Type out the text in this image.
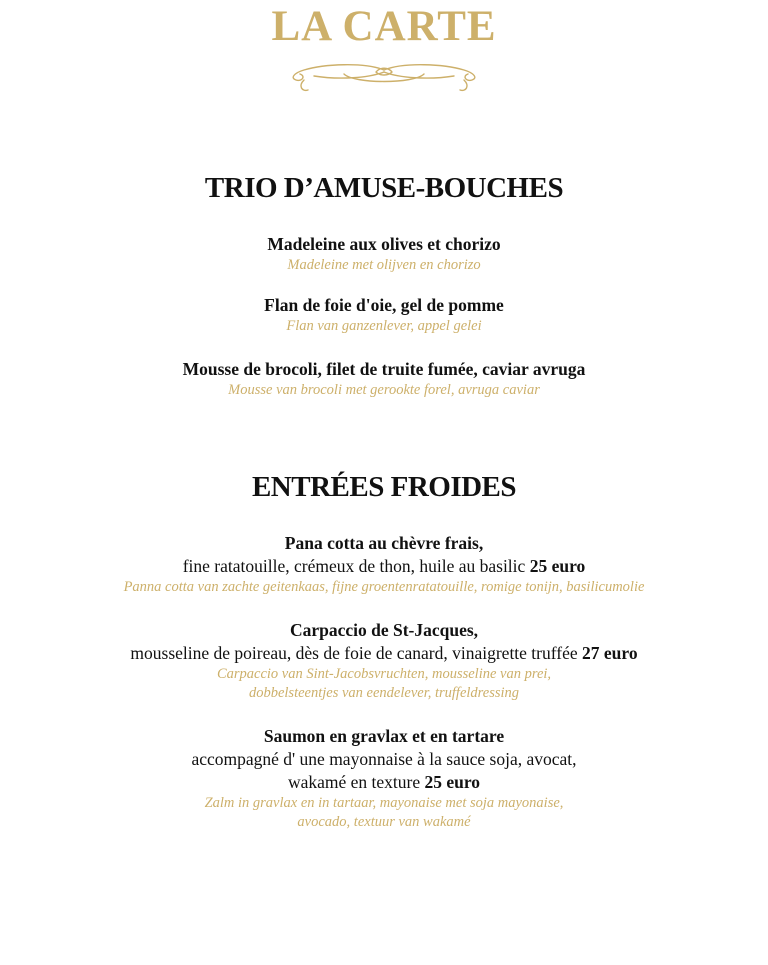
LA CARTE
TRIO D’AMUSE-BOUCHES
Madeleine aux olives et chorizo
Madeleine met olijven en chorizo
Flan de foie d'oie, gel de pomme
Flan van ganzenlever, appel gelei
Mousse de brocoli, filet de truite fumée, caviar avruga
Mousse van brocoli met gerookte forel, avruga caviar
ENTRÉES FROIDES
Pana cotta au chèvre frais,
fine ratatouille, crémeux de thon, huile au basilic 25 euro
Panna cotta van zachte geitenkaas, fijne groentenratatouille, romige tonijn, basilicumolie
Carpaccio de St-Jacques,
mousseline de poireau, dès de foie de canard, vinaigrette truffée 27 euro
Carpaccio van Sint-Jacobsvruchten, mousseline van prei,
dobbelsteentjes van eendelever, truffeldressing
Saumon en gravlax et en tartare
accompagné d' une mayonnaise à la sauce soja, avocat,
wakamé en texture 25 euro
Zalm in gravlax en in tartaar, mayonaise met soja mayonaise,
avocado, textuur van wakamé
